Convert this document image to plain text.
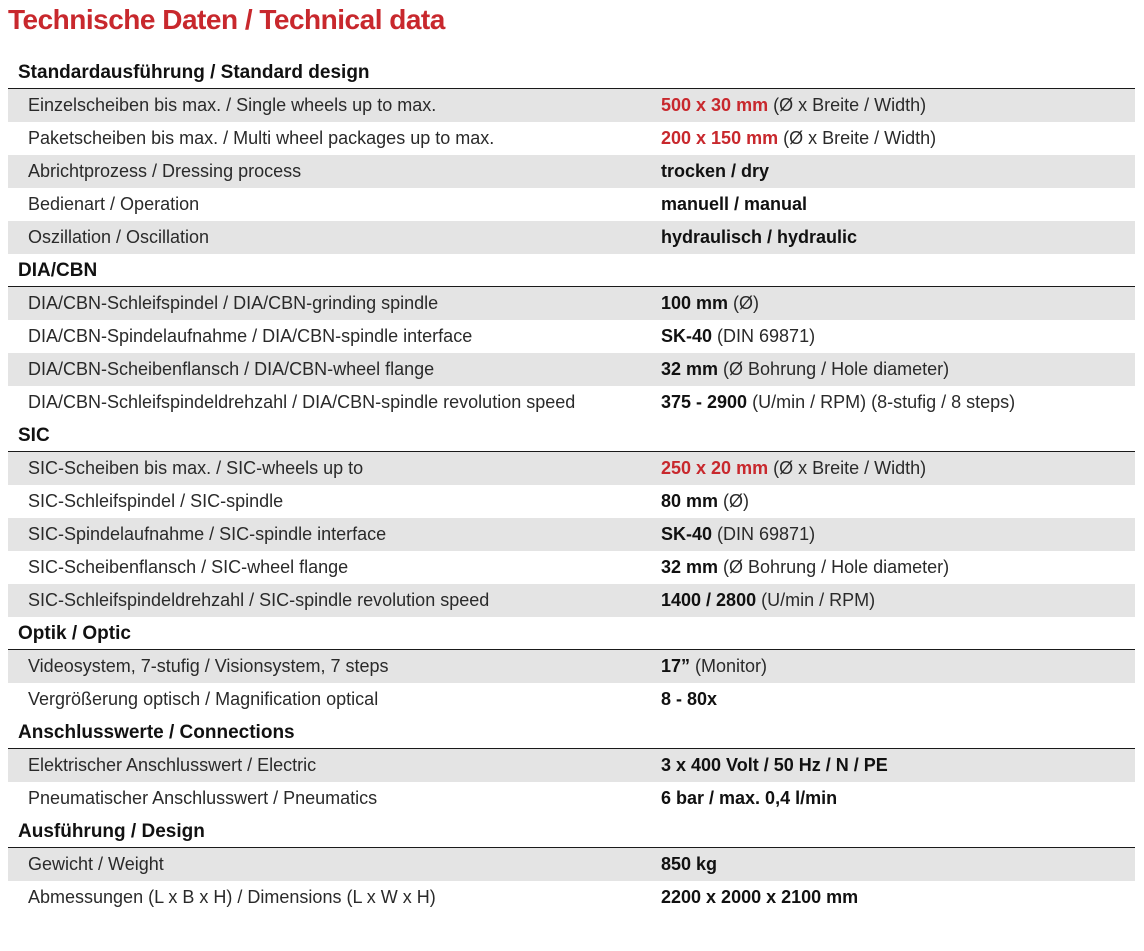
Technische Daten / Technical data
Standardausführung / Standard design
Einzelscheiben bis max. / Single wheels up to max.	500 x 30 mm (Ø x Breite / Width)
Paketscheiben bis max. / Multi wheel packages up to max.	200 x 150 mm (Ø x Breite / Width)
Abrichtprozess / Dressing process	trocken / dry
Bedienart / Operation	manuell / manual
Oszillation / Oscillation	hydraulisch / hydraulic
DIA/CBN
DIA/CBN-Schleifspindel / DIA/CBN-grinding spindle	100 mm (Ø)
DIA/CBN-Spindelaufnahme / DIA/CBN-spindle interface	SK-40 (DIN 69871)
DIA/CBN-Scheibenflansch / DIA/CBN-wheel flange	32 mm (Ø Bohrung / Hole diameter)
DIA/CBN-Schleifspindeldrehzahl / DIA/CBN-spindle revolution speed	375 - 2900 (U/min / RPM) (8-stufig / 8 steps)
SIC
SIC-Scheiben bis max. / SIC-wheels up to	250 x 20 mm (Ø x Breite / Width)
SIC-Schleifspindel / SIC-spindle	80 mm (Ø)
SIC-Spindelaufnahme / SIC-spindle interface	SK-40 (DIN 69871)
SIC-Scheibenflansch / SIC-wheel flange	32 mm (Ø Bohrung / Hole diameter)
SIC-Schleifspindeldrehzahl / SIC-spindle revolution speed	1400 / 2800 (U/min / RPM)
Optik / Optic
Videosystem, 7-stufig / Visionsystem, 7 steps	17” (Monitor)
Vergrößerung optisch / Magnification optical	8 - 80x
Anschlusswerte / Connections
Elektrischer Anschlusswert / Electric	3 x 400 Volt / 50 Hz / N / PE
Pneumatischer Anschlusswert / Pneumatics	6 bar / max. 0,4 l/min
Ausführung / Design
Gewicht / Weight	850 kg
Abmessungen (L x B x H) / Dimensions (L x W x H)	2200 x 2000 x 2100 mm
